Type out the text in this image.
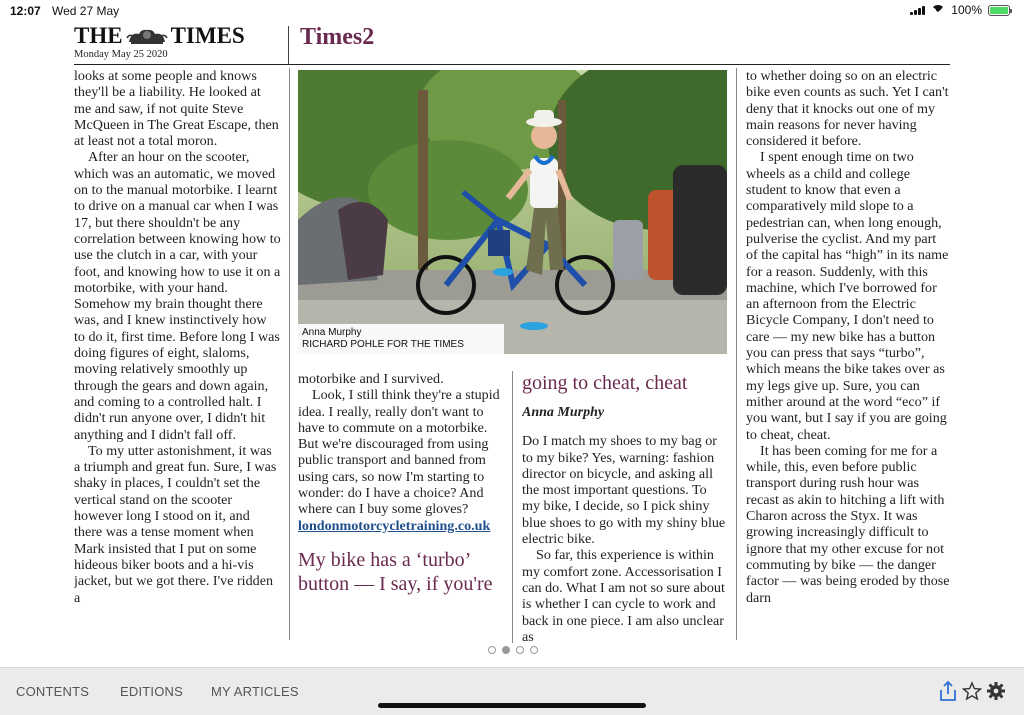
12:07 Wed 27 May	100%
THE TIMES
Monday May 25 2020
Times2

looks at some people and knows they'll be a liability. He looked at me and saw, if not quite Steve McQueen in The Great Escape, then at least not a total moron.

After an hour on the scooter, which was an automatic, we moved on to the manual motorbike. I learnt to drive on a manual car when I was 17, but there shouldn't be any correlation between knowing how to use the clutch in a car, with your foot, and knowing how to use it on a motorbike, with your hand. Somehow my brain thought there was, and I knew instinctively how to do it, first time. Before long I was doing figures of eight, slaloms, moving relatively smoothly up through the gears and down again, and coming to a controlled halt. I didn't run anyone over, I didn't hit anything and I didn't fall off.

To my utter astonishment, it was a triumph and great fun. Sure, I was shaky in places, I couldn't set the vertical stand on the scooter however long I stood on it, and there was a tense moment when Mark insisted that I put on some hideous biker boots and a hi-vis jacket, but we got there. I've ridden a

Anna Murphy
RICHARD POHLE FOR THE TIMES

motorbike and I survived.

Look, I still think they're a stupid idea. I really, really don't want to have to commute on a motorbike. But we're discouraged from using public transport and banned from using cars, so now I'm starting to wonder: do I have a choice? And where can I buy some gloves?

londonmotorcycletraining.co.uk

My bike has a ‘turbo’ button — I say, if you're

going to cheat, cheat

Anna Murphy

Do I match my shoes to my bag or to my bike? Yes, warning: fashion director on bicycle, and asking all the most important questions. To my bike, I decide, so I pick shiny blue shoes to go with my shiny blue electric bike.

So far, this experience is within my comfort zone. Accessorisation I can do. What I am not so sure about is whether I can cycle to work and back in one piece. I am also unclear as

to whether doing so on an electric bike even counts as such. Yet I can't deny that it knocks out one of my main reasons for never having considered it before.

I spent enough time on two wheels as a child and college student to know that even a comparatively mild slope to a pedestrian can, when long enough, pulverise the cyclist. And my part of the capital has “high” in its name for a reason. Suddenly, with this machine, which I've borrowed for an afternoon from the Electric Bicycle Company, I don't need to care — my new bike has a button you can press that says “turbo”, which means the bike takes over as my legs give up. Sure, you can mither around at the word “eco” if you want, but I say if you are going to cheat, cheat.

It has been coming for me for a while, this, even before public transport during rush hour was recast as akin to hitching a lift with Charon across the Styx. It was growing increasingly difficult to ignore that my other excuse for not commuting by bike — the danger factor — was being eroded by those darn

CONTENTS EDITIONS MY ARTICLES
